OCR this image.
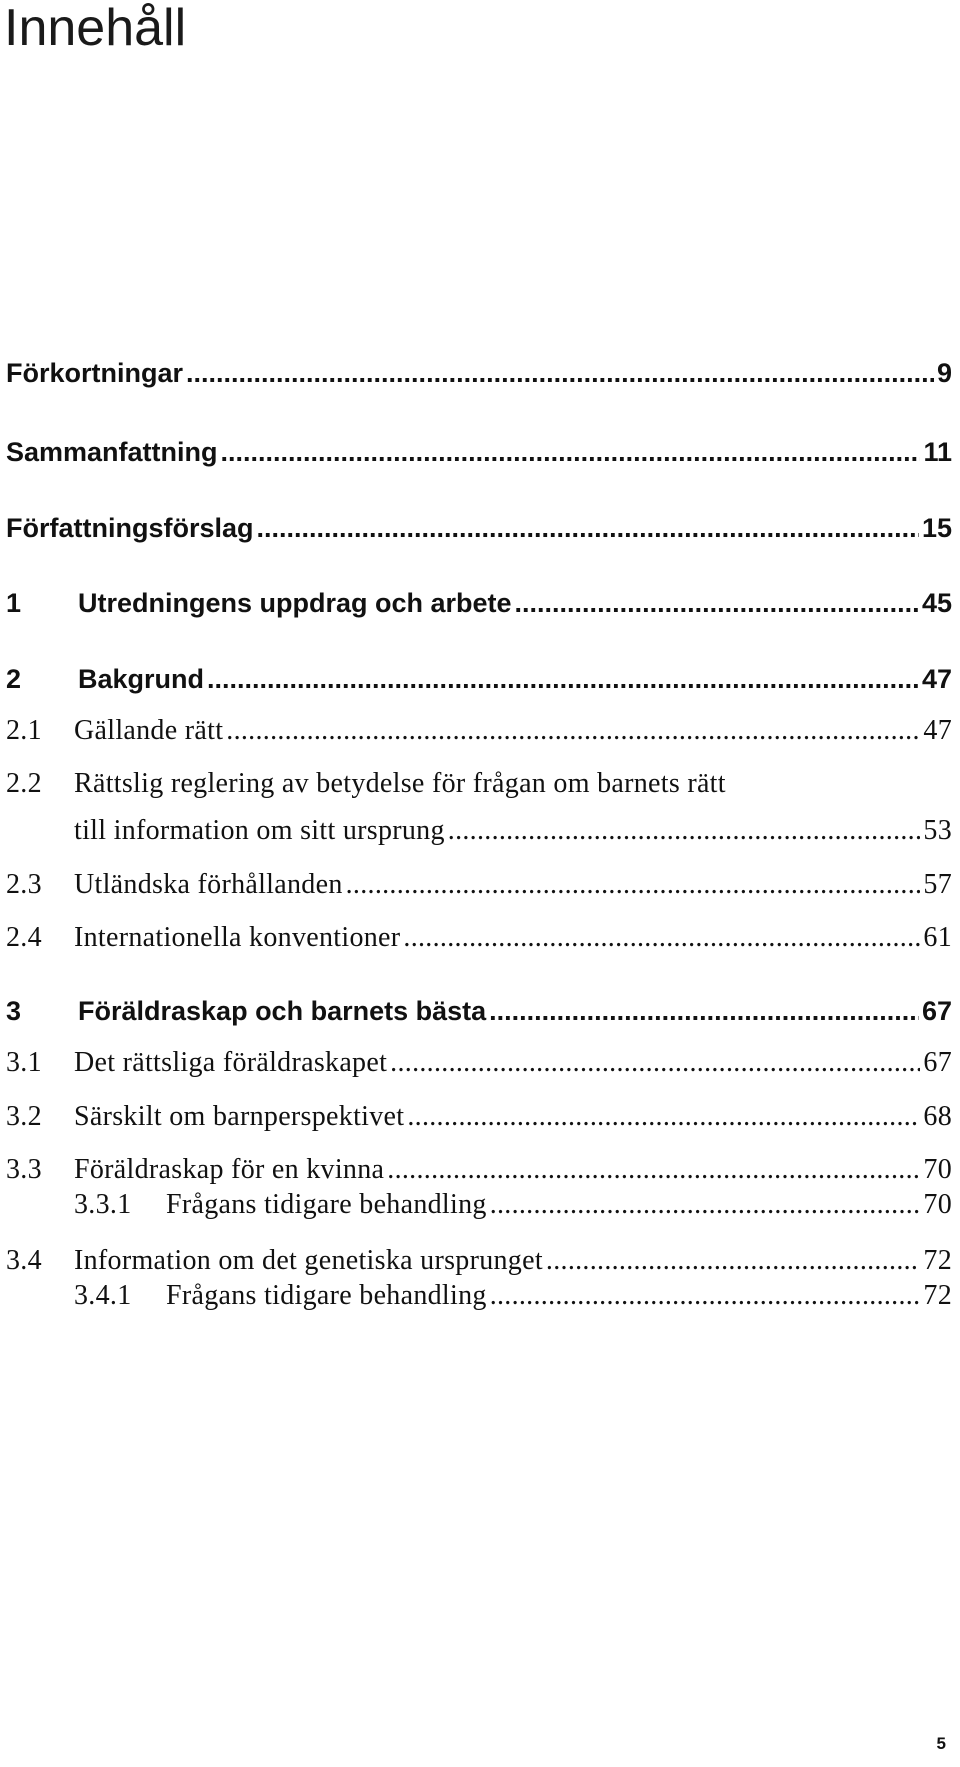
Innehåll
Förkortningar .....	9
Sammanfattning .....	11
Författningsförslag .....	15
1	Utredningens uppdrag och arbete .....	45
2	Bakgrund .....	47
2.1	Gällande rätt .....	47
2.2	Rättslig reglering av betydelse för frågan om barnets rätt
till information om sitt ursprung .....	53
2.3	Utländska förhållanden .....	57
2.4	Internationella konventioner .....	61
3	Föräldraskap och barnets bästa .....	67
3.1	Det rättsliga föräldraskapet .....	67
3.2	Särskilt om barnperspektivet .....	68
3.3	Föräldraskap för en kvinna .....	70
3.3.1	Frågans tidigare behandling .....	70
3.4	Information om det genetiska ursprunget .....	72
3.4.1	Frågans tidigare behandling .....	72
5
